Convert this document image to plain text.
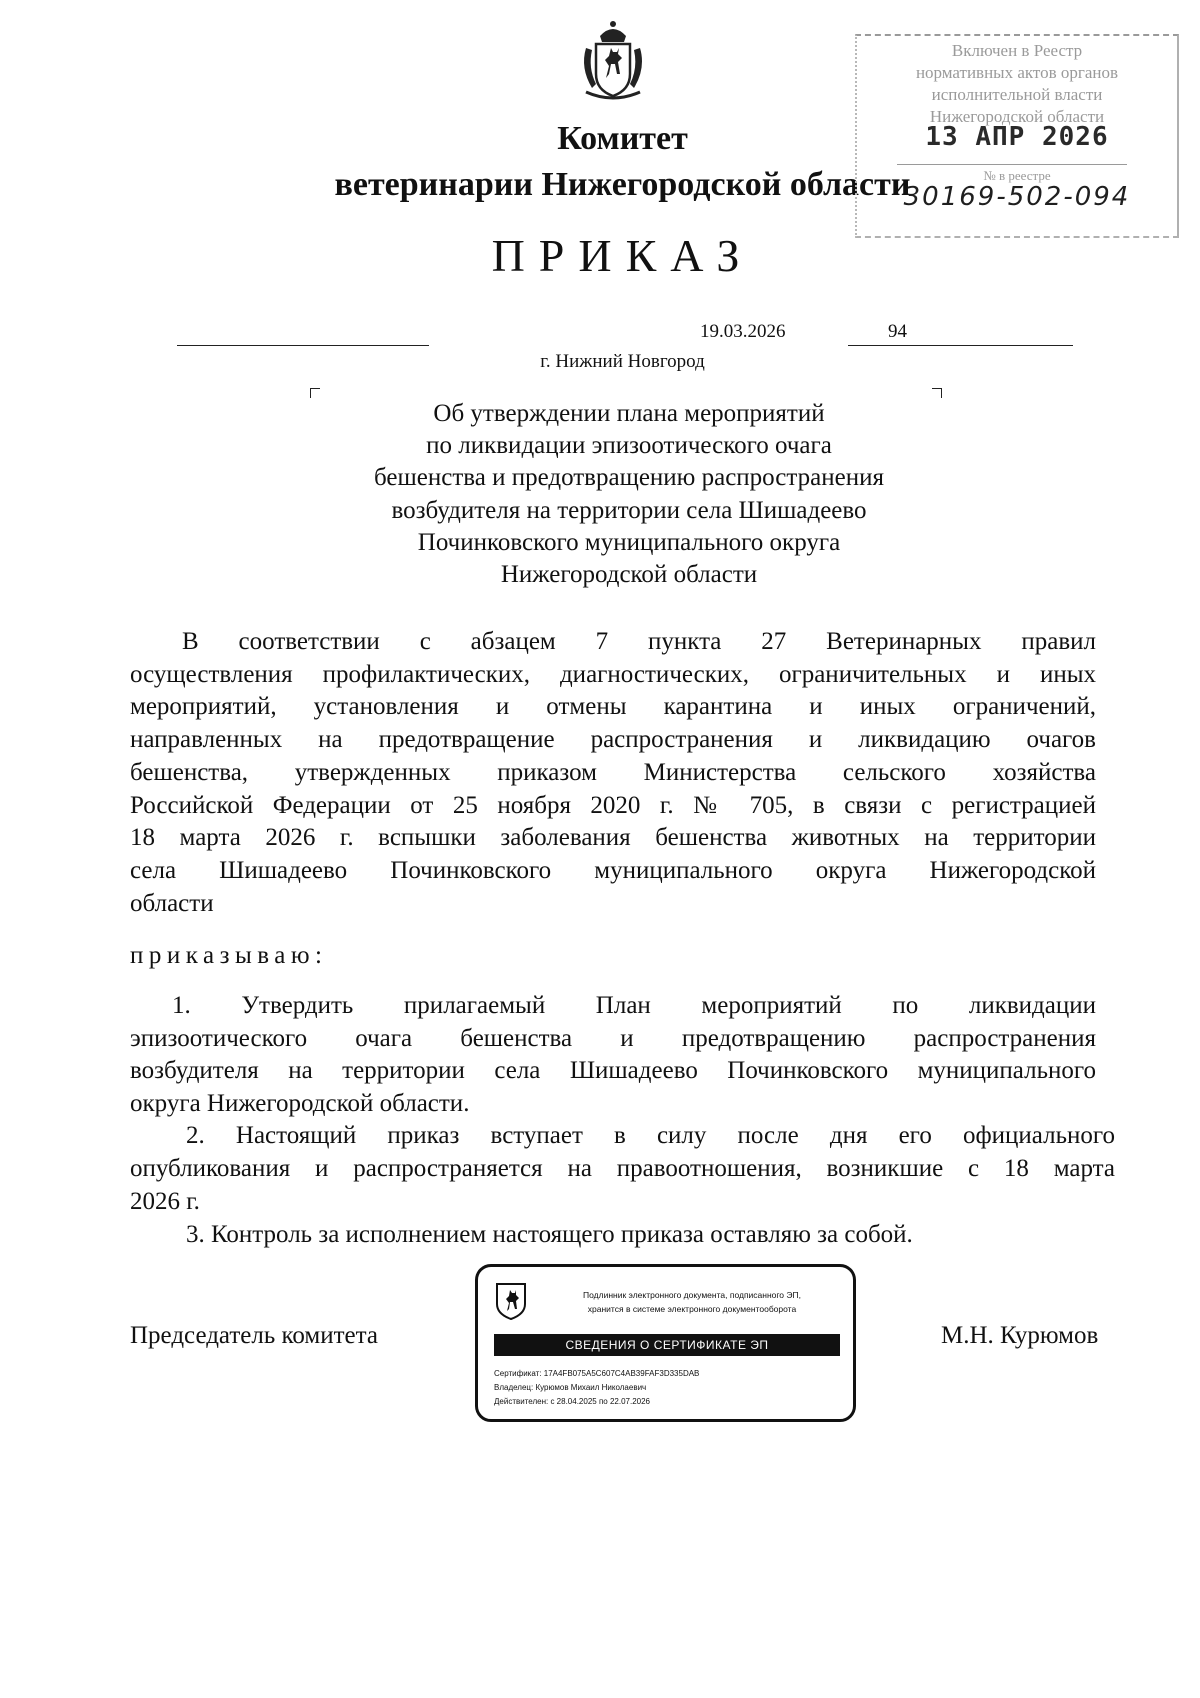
Комитет
ветеринарии Нижегородской области
ПРИКАЗ
Включен в Реестр
нормативных актов органов
исполнительной власти
Нижегородской области
13 АПР 2026
№ в реестре
30169-502-094
19.03.2026	94
г. Нижний Новгород
Об утверждении плана мероприятий
по ликвидации эпизоотического очага
бешенства и предотвращению распространения
возбудителя на территории села Шишадеево
Починковского муниципального округа
Нижегородской области
В соответствии с абзацем 7 пункта 27 Ветеринарных правил
осуществления профилактических, диагностических, ограничительных и иных
мероприятий, установления и отмены карантина и иных ограничений,
направленных на предотвращение распространения и ликвидацию очагов
бешенства, утвержденных приказом Министерства сельского хозяйства
Российской Федерации от 25 ноября 2020 г. № 705, в связи с регистрацией
18 марта 2026 г. вспышки заболевания бешенства животных на территории
села Шишадеево Починковского муниципального округа Нижегородской
области
приказываю:
1. Утвердить прилагаемый План мероприятий по ликвидации
эпизоотического очага бешенства и предотвращению распространения
возбудителя на территории села Шишадеево Починковского муниципального
округа Нижегородской области.
2. Настоящий приказ вступает в силу после дня его официального
опубликования и распространяется на правоотношения, возникшие с 18 марта
2026 г.
3. Контроль за исполнением настоящего приказа оставляю за собой.
Председатель комитета	М.Н. Курюмов
Подлинник электронного документа, подписанного ЭП,
хранится в системе электронного документооборота
СВЕДЕНИЯ О СЕРТИФИКАТЕ ЭП
Сертификат: 17A4FB075A5C607C4AB39FAF3D335DAB
Владелец: Курюмов Михаил Николаевич
Действителен: с 28.04.2025 по 22.07.2026
